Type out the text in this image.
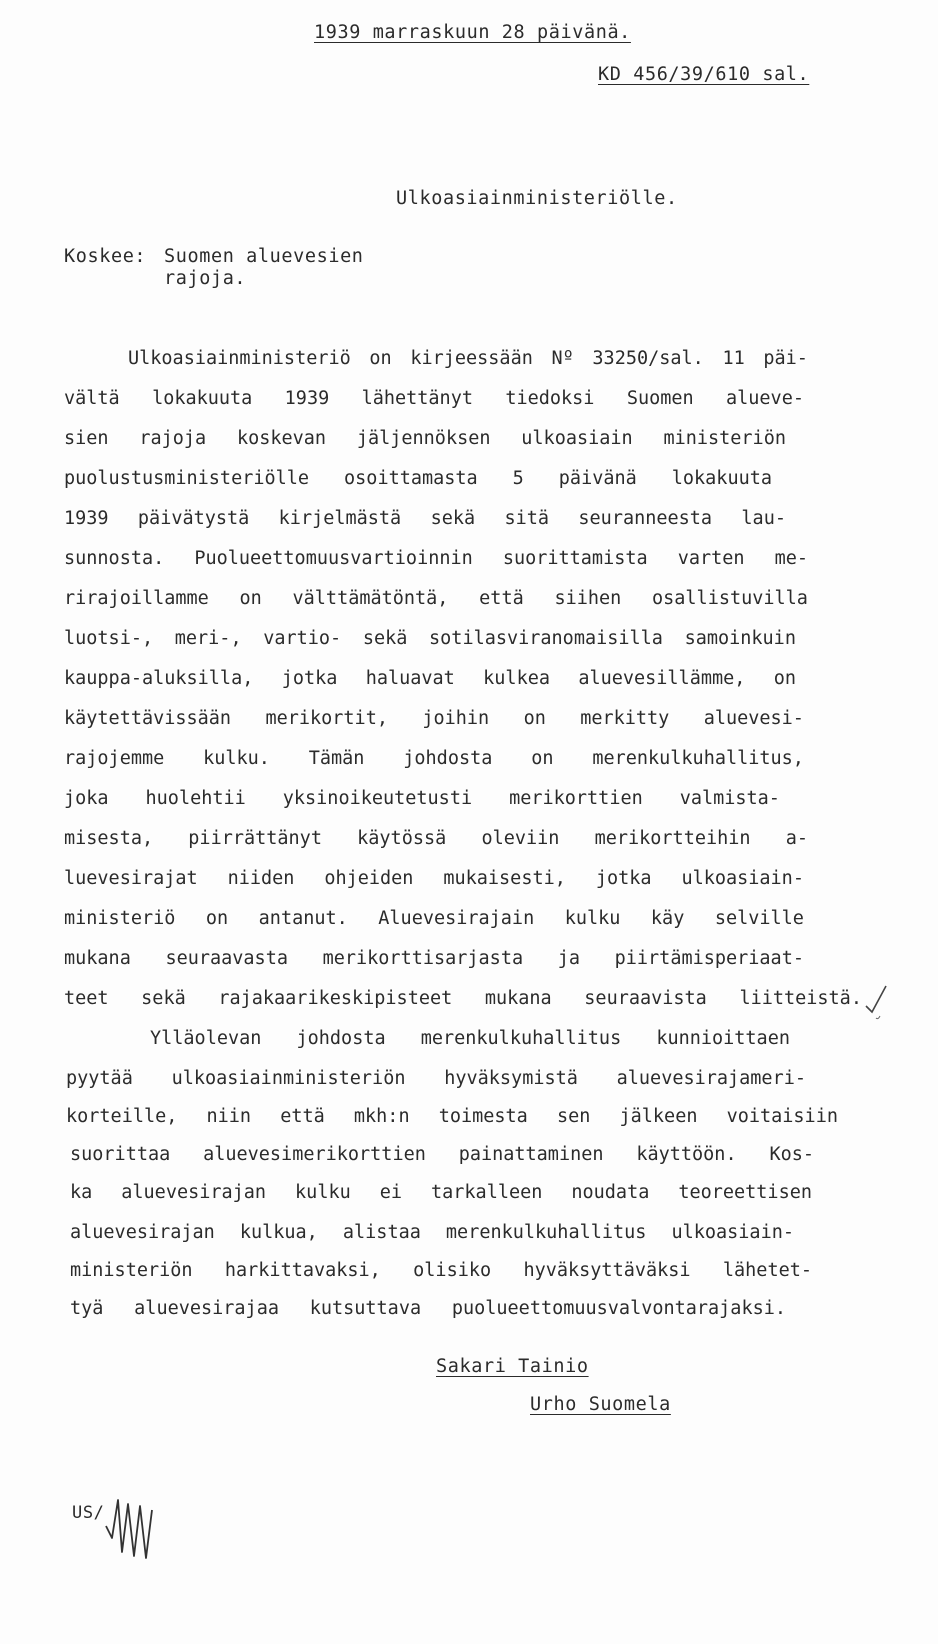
1939 marraskuun 28 päivänä.
KD 456/39/610 sal.
Ulkoasiainministeriölle.
Koskee: Suomen aluevesien
rajoja.
Ulkoasiainministeriö on kirjeessään Nº 33250/sal. 11 päi-
vältä lokakuuta 1939 lähettänyt tiedoksi Suomen alueve-
sien rajoja koskevan jäljennöksen ulkoasiain ministeriön
puolustusministeriölle osoittamasta 5 päivänä lokakuuta
1939 päivätystä kirjelmästä sekä sitä seuranneesta lau-
sunnosta. Puolueettomuusvartioinnin suorittamista varten me-
rirajoillamme on välttämätöntä, että siihen osallistuvilla
luotsi-, meri-, vartio- sekä sotilasviranomaisilla samoinkuin
kauppa-aluksilla, jotka haluavat kulkea aluevesillämme, on
käytettävissään merikortit, joihin on merkitty aluevesi-
rajojemme kulku. Tämän johdosta on merenkulkuhallitus,
joka huolehtii yksinoikeutetusti merikorttien valmista-
misesta, piirrättänyt käytössä oleviin merikortteihin a-
luevesirajat niiden ohjeiden mukaisesti, jotka ulkoasiain-
ministeriö on antanut. Aluevesirajain kulku käy selville
mukana seuraavasta merikorttisarjasta ja piirtämisperiaat-
teet sekä rajakaarikeskipisteet mukana seuraavista liitteistä.
Ylläolevan johdosta merenkulkuhallitus kunnioittaen
pyytää ulkoasiainministeriön hyväksymistä aluevesirajameri-
korteille, niin että mkh:n toimesta sen jälkeen voitaisiin
suorittaa aluevesimerikorttien painattaminen käyttöön. Kos-
ka aluevesirajan kulku ei tarkalleen noudata teoreettisen
aluevesirajan kulkua, alistaa merenkulkuhallitus ulkoasiain-
ministeriön harkittavaksi, olisiko hyväksyttäväksi lähetet-
tyä aluevesirajaa kutsuttava puolueettomuusvalvontarajaksi.
Sakari Tainio
Urho Suomela
US/
